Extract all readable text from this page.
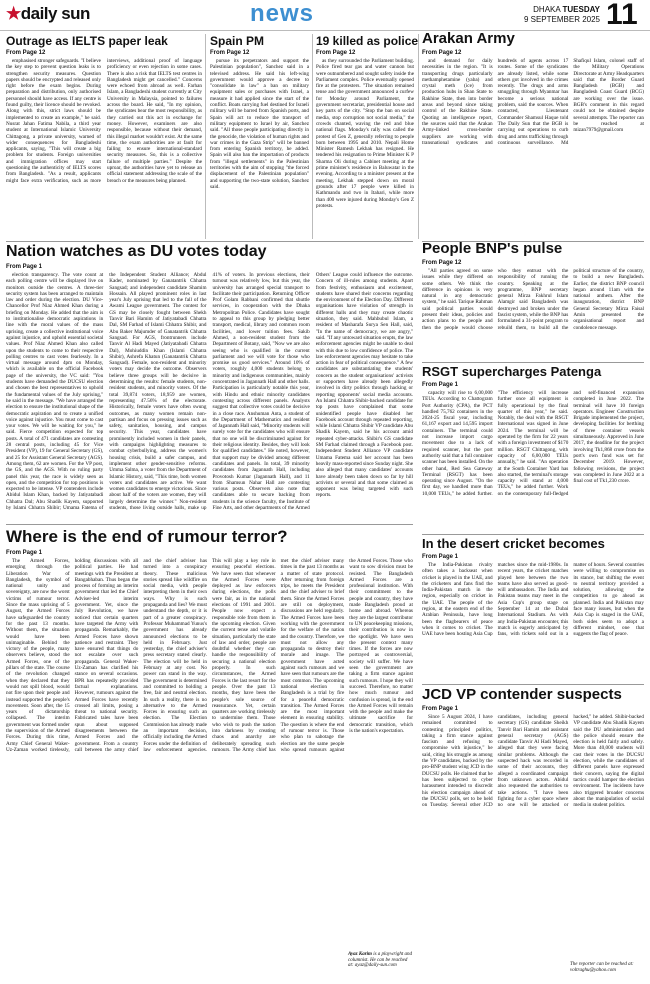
★daily sun	news	DHAKA TUESDAY
9 SEPTEMBER 2025 11
Outrage as IELTS paper leak
From Page 12

emphasised stronger safeguards. "I believe the key step to prevent question leaks is to strengthen security measures. Question papers should be encrypted and released only right before the exam begins. During preparation and distribution, only authorised personnel should have access. If any centre is found guilty, their licence should be revoked. Along with this, strict laws should be implemented to create an example," he said. Nusrat Jahan Fatima Nabila, a third year student at International Islamic University Chittagong, a private university, warned of wider consequences for Bangladeshi applicants, saying, "This will create a big problem for students. Foreign universities and immigration offices may start questioning the authenticity of IELTS scores from Bangladesh. "As a result, applicants might face extra verification, such as more interviews, additional proof of language proficiency or even rejection in some cases. There is also a risk that IELTS test centres in Bangladesh might get cancelled." Concerns were echoed from abroad as well. Farhan Islam, a Bangladeshi student currently at City University in Malaysia, pointed to failures across the board. He said, "In my opinion, the syndicates bear the most responsibility, as they carried out this act in exchange for money. However, examiners are also responsible, because without their demand, this illegal market wouldn't exist. At the same time, the exam authorities are at fault for failing to ensure international-standard security measures. So, this is a collective failure of multiple parties." Despite the uproar, the authorities have yet to release an official statement addressing the scale of the breach or the measures being planned.

Spain PM
From Page 12

pursue its perpetrators and support the Palestinian population", Sanchez said in a televised address. He said his left-wing government would approve a decree to "consolidate in law" a ban on military equipment sales or purchases with Israel, a measure it had applied since the start of the conflict. Boats carrying fuel destined for Israeli military will be barred from Spanish ports, and Spain will act to reduce the transport of military equipment to Israel by air, Sanchez said. "All those people participating directly in the genocide, the violation of human rights and war crimes in the Gaza Strip" will be banned from entering Spanish territory, he added. Spain will also ban the importation of products from "illegal settlements" in the Palestinian territories with the aim of stopping "the forced displacement of the Palestinian population" and supporting the two-state solution, Sanchez said.

19 killed as police
From Page 12

as they surrounded the Parliament building. Police fired tear gas and water cannon but were outnumbered and sought safety inside the Parliament complex. Police eventually opened fire at the protesters. "The situation remained tense and the government announced a curfew for Monday around Parliament, the government secretariat, presidential house and key parts of the city. "Stop the ban on social media, stop corruption not social media," the crowds chanted, waving the red and blue national flags. Monday's rally was called the protest of Gen Z, generally referring to people born between 1995 and 2010. Nepali Home Minister Ramesh Lekhak has resigned. He tendered his resignation to Prime Minister K P Sharma Oli during a Cabinet meeting at the prime minister's residence in Baluwatar in the evening. According to a minister present at the meeting, Lekhak stepped down on moral grounds after 17 people were killed in Kathmandu and two in Itahari, while more than 400 were injured during Monday's Gen Z protests.

Arakan Army
From Page 12

and demand for daily necessities in the region. "It is transporting drugs particularly methamphetamine (yaba) and crystal meth (ice) from production hubs in Shan State to Rakhine State, then into border areas and beyond since taking control of the Rakhine State. Quoting an intelligence report, the sources said that the Arakan Army-linked cross-border suppliers are working with transnational syndicates and hundreds of agents across 17 routes. Some of the syndicates are already listed, while some others got involved in the crimes recently. The drugs and arms smuggling through Myanmar has become a serious national problem, said the sources. When contacted, Lieutenant Commander Shamsul Haque told The Daily Sun that the BGB is carrying out operations to curb drug and arms trafficking through continuous surveillance. Md Shafiqul Islam, colonel staff of the Military Operations Directorate at Army Headquarters said that the Border Guard Bangladesh (BGB) and Bangladesh Coast Guard (BCG) are working over the issue. BGB's comment in this regard could not be obtained despite several attempts. The reporter can be reached at mizan7979@gmail.com

Nation watches as DU votes today
From Page 1

election transparency. The vote count at each polling centre will be displayed live on monitors outside the centres. A three-tier security system has been arranged to maintain law and order during the election. DU Vice-Chancellor Prof Niaz Ahmed Khan during a briefing on Monday. He added that the aim is to institutionalise democratic aspirations in line with the moral values of the mass uprising, create a collective institutional voice against injustice, and uphold essential societal values. Prof Niaz Ahmed Khan also called upon the students to come to their respective polling centres to cast votes fearlessly. In a virtual message around 4pm on Monday, which is available on the official Facebook page of the university, the VC said: "You students have demanded the DUCSU election and chosen the best representatives to uphold the fundamental values of the July uprising," he said in the message. "We have arranged the election to ensure the institutional shape of the democratic aspiration and to create a unified voice against injustice. You must come to cast your votes. We will be waiting for you," he said. Fierce competition expected for top posts. A total of 471 candidates are contesting 28 central posts, including 45 for Vice President (VP), 19 for General Secretary (GS), and 25 for Assistant General Secretary (AGS). Among them, 62 are women. For the VP post, the GS, and the AGS. With no ruling party panel this year, the race is widely seen as open, and the competition for top positions is expected to be intense. VP contenders include Abidul Islam Khan, backed by Jatiyatabadi Chhatra Dal; Abu Shadik Kayem, supported by Islami Chhatra Shibir; Umama Fatema of the Independent Student Alliance; Abdul Kader, nominated by Ganatantrik Chhatra Sangsad; and independent candidate Shamim Hossain. All played prominent roles in last year's July uprising that led to the fall of the Awami League government. The contest for GS may be closely fought between Shekh Tanvir Bari Hamim of Jatiyatabadi Chhatra Dal, SM Farhad of Islami Chhatra Shibir, and Abu Baker Majumder of Ganatantrik Chhatra Sangsad. For AGS, frontrunners include Tanvir Al Hadi Mayed (Jatiyatabadi Chhatra Dal), Mohiuddin Khan (Islami Chhatra Shibir), Ashrefa Khatun (Ganatantrik Chhatra Sangsad). Female, non-resident and minority voters may decide the outcome. Observers believe three groups will be decisive in determining the results: female students, non-resident students, and minority voters. Of the total 39,874 voters, 18,959 are women, representing 47.56% of the electorate. Historically, female voters have often swung outcomes, as many women remain non-partisan and focus on pressing issues such as safety, sanitation, housing, and campus security. This year, candidates have prominently included women in their panels, with campaigns highlighting measures to combat cyberbullying, address the women's housing crisis, build a safer campus, and implement other gender-sensitive reforms. Umma Salma, a voter from the Department of Islamic History, said, "This time, both women voters and candidates are active. We want women candidates to emerge victorious. Since about half of the voters are women, they will largely determine the winner." Non-resident students, those living outside halls, make up 41% of voters. In previous elections, their turnout was relatively low, but this year, the university has arranged special transport to facilitate their participation. Returning Officer Prof Golam Rabbani confirmed that shuttle services, in cooperation with the Dhaka Metropolitan Police. Candidates have sought to appeal to this group by pledging better transport, medical, library and common room facilities, and lower tuition fees. Sakib Ahmed, a non-resident student from the Department of Botany, said, "Now we are also seeing who is qualified in the current parliament and we will vote for those who promise us good services." Around 10% of voters, roughly 4,000 students belong to minority and indigenous communities, mainly concentrated in Jagannath Hall and other halls. Participation is particularly notable this year, with Hindu and ethnic minority candidates contesting across different panels. Analysts suggest that collective votes could be decisive in a close race. Anshuman Anta, a student of the Department of Mathematics and resident of Jagannath Hall said, "Minority students will surely vote for the candidates who will ensure that no one will be discriminated against for their religious identity. Besides, they will look for qualified candidates." He noted, however, that support may be divided among different candidates and panels. In total, 39 minority candidates from Jagannath Hall, including Provotosh Kumar (Jagannath Hall), and 11 from Shamsun Nahar Hall are contesting various posts. Observers also note that candidates able to secure backing from students in the science faculty, the Institute of Fine Arts, and other departments of the Armed Others' League could influence the outcome. Concern of ill-rules among students. Apart from festivity, enthusiasm and excitement, students have shared their concerns regarding the environment of the Election Day. Different organisations have violation of strength in different halls and they may create chaotic situation, they said. Mahbubul Islam, a resident of Masharafa Surya Sen Hall, said, "In the name of democracy, we are angry," said. "If any untoward situation erupts, the law enforcement agencies might be unable to deal with this due to low confidence of police. The law enforcement agencies may hesitate to take action in fear of political consequence." A few candidates are substantiating the students' concern as the student organisations' activists or supporters have already been allegedly involved in dirty politics through hacking or reporting opponents' social media accounts. An Islami Chhatra Shibir-backed candidate for top posts have complained that some unidentified people have disabled her Facebook account through repeated reporting, while Islami Chhatra Shibir VP candidate Abu Shadik Kayem, said he his account amid repeated cyber-attacks. Shibir's GS candidate SM Farhad claimed through a Facebook post. Independent Student Alliance VP candidate Umama Fatema said her account has been heavily mass-reported since Sunday night. She also alleged that many candidates' accounts have already been taken down so far by hill activists or several and that some claimed as opponent was being targeted with such reports.

People BNP's pulse
From Page 12

"All parties agreed on some issues while they differed on some others. We think the difference in opinions is very natural in any democratic system," he said. Tarique Rahman said political parties would present their ideas, policies and action plans to the people and then the people would choose who they entrust with the responsibility of running the country. Speaking at the programme, BNP secretary general Mirza Fakhrul Islam Alamgir said Bangladesh was destroyed and broken under the fascist system, while the BNP has formulated a 31-point program to rebuild them, to build all the political structure of the country, to build a new Bangladesh. Earlier, the district BNP council began around 11am with the national anthem. After the inauguration, district BNP General Secretary Mirza Faisal Amin presented the organisational report and condolence message.

RSGT supercharges Patenga
From Page 1

capacity will rise to 6,00,000 TEUs. According to Chattogram Port Authority (CPA), the PCT handled 75,762 containers in the 2024-25 fiscal year, including 61,167 export and 14,595 import containers. The terminal could not increase import cargo movement due to a lack of required scanner, but the port authority said that a full container scanner has been installed. On the other hand, Red Sea Gateway Terminal (RSGT) has been operating since August. "On the first day, we handled more than 10,000 TEUs," he added further. "The efficiency will increase further once all equipment is fully operational by the final quarter of this year," he said. Notably, the deal with the RSGT International was signed in June 2024. The terminal will be operated by the firm for 22 years with a foreign investment of $170 million. RSGT Chittagong, with capacity of 6,00,000 TEUs annually," he said. "An operation at the South Container Yard has also started, the terminal's storage capacity will stand at 4,000 TEUs," he added further. Work on the contemporary full-fledged and self-financed expansion completed in June 2022. The terminal will have 10 foreign operators. Engineer Construction Brigade implemented the project, developing facilities for berthing of three container vessels simultaneously. Approved in June 2017, the deadline for the project involving Tk1,868 crore from the port's own fund was set for December 2019. However, following revisions, the project was completed in June 2022 at a final cost of Tk1,230 crore.

Where is the end of rumour terror?
From Page 1

The Armed Forces, emerging through the Liberation War of Bangladesh, the symbol of national unity and sovereignty, are now the worst victims of rumour terror. Since the mass uprising of 5 August, the Armed Forces have safeguarded the country for the past 13 months. Without them, the situation would have been unimaginable. Behind the victory of the people, many observers believe, stood the Armed Forces, one of the pillars of the state. The course of the revolution changed when they declared that they would not spill blood, would not fire upon their people and instead supported the people's movement. Soon after, the 15 years of dictatorship collapsed. The interim government was formed under the supervision of the Armed Forces. During this time, Army Chief General Waker-Uz-Zaman worked tirelessly, holding discussions with all political parties. He had meetings with the President at Bangabhaban. Thus began the process of forming an interim government that led the Chief Adviser-led interim government. Yet, since the July Revolution, we have noticed that certain quarters have targeted the Army with propaganda. Remarkably, the Armed Forces have shown patience and restraint. They have ensured that things do not escalate over such propaganda. General Waker-Uz-Zaman has clarified his stance on several occasions. BPR has repeatedly provided factual explanations. However, rumours against the Armed Forces have recently crossed all limits, posing a threat to national security. Fabricated tales have been spun about supposed disagreements between the Armed Forces and the government. From a country call between the army chief and the chief adviser has turned into a conspiracy theory. These malicious stories spread like wildfire on social media, with people interpreting them in their own ways. Why is such propaganda and lies? We must understand the depth, or it is part of a greater conspiracy. Professor Muhammad Yunus's government has already announced elections to be held in February. Just yesterday, the chief adviser's press secretary stated clearly. The election will be held in February at any cost. No power can stand in the way. The government is determined and committed to holding a free, fair and neutral election. In such a reality, there is no alternative to the Armed Forces in ensuring such an election. The Election Commission has already made an important decision, officially including the Armed Forces under the definition of law enforcement agencies. This will play a key role in ensuring peaceful elections. We have seen that whenever the Armed Forces were deployed as law enforcers during elections, the polls were fair, as in the national elections of 1991 and 2001. People now expect a responsible role from them in the upcoming election. Given the current tense and volatile situation, particularly the state of law and order, people are doubtful whether they can handle the responsibility of securing a national election properly. In such circumstances, the Armed Forces is the last resort for the people. Over the past 13 months, they have been the people's sole source of reassurance. Yet, certain quarters are working tirelessly to undermine them. Those who wish to push the nation into darkness by creating chaos and anarchy are deliberately spreading such rumours. The Army chief has met the chief adviser many times in the past 13 months as a matter of state protocol. After returning from foreign trips, he meets the President and the chief adviser to brief them. Since the Armed Forces are still on deployment, discussions are held regularly. The Armed Forces have been working with the government for the welfare of the nation and the country. Therefore, we must not allow any propaganda to destroy their morale and image. The government have acted against such rumours and we have seen that rumours are the most common. The upcoming national election in Bangladesh is a trial by fire for a peaceful democratic transition. The Armed Forces are the most important element in ensuring stability. The question is where the end of rumour terror is. Those who plan to sabotage the election are the same people who spread rumours against the Armed Forces. Those who want to sow division must be resisted. The Bangladesh Armed Forces are a professional institution. With their commitment to the people and country, they have made Bangladesh proud at home and abroad. Whereas they are the largest contributor to UN peacekeeping missions, their contribution is now in the spotlight. We have seen the present context many times. If the forces are now portrayed as controversial, society will suffer. We have seen the government are taking a firm stance against such rumours. I hope they will succeed. Therefore, no matter how much rumour and confusion is spread, in the end the Armed Forces will remain with the people and make the ultimate sacrifice for democratic transition, which is the nation's expectation.

Ayaz Karim is a playwright and columnist. He can be reached at: ayaz@daily-sun.com
In the desert cricket becomes
From Page 1

The India-Pakistan rivalry often takes a backseat when cricket is played in the UAE, and the cricketers and fans find the India-Pakistan match in the region, especially on cricket in the UAE. The people of the region, at the eastern end of the Arabian Peninsula, have long been the flagbearers of peace when it comes to cricket. The UAE have been hosting Asia Cup matches since the mid-1980s. In recent years, the cricket matches played here between the two teams have also served as good-will ambassadors. The India and Pakistan teams may meet in the Asia Cup's group stage on September 14 at the Dubai International Stadium. As with any India-Pakistan encounter, this match is eagerly anticipated by fans, with tickets sold out in a matter of hours. Several countries were willing to compromise on its stance, but shifting the event to neutral territory provided a solution, allowing the competition to go ahead as planned. India and Pakistan may face many issues, but when the Asia Cup is staged in the UAE, both sides seem to adopt a different mindset, one that suggests the flag of peace.

JCD VP contender suspects
From Page 1

Since 5 August 2024, I have remained committed to contesting principled politics, taking a firm stance against fascism and refusing to compromise with injustice," he said, citing his struggle as among the VP candidates, backed by the pro-BNP student wing JCD in the DUCSU polls. He claimed that he has been subjected to cyber harassment intended to discredit his election campaign ahead of the DUCSU polls, set to be held on Tuesday. Several other JCD candidates, including general secretary (GS) candidate Sheikh Tanvir Bari Hamim and assistant general secretary (AGS) candidate Tanvir Al Hadi Mayed, alleged that they were facing similar problems. Although the suspected hack was recorded in some of their accounts, they alleged a coordinated campaign from unknown actors. Abidul also requested the authorities to take actions. "I have been fighting for a cyber space where no one will be attacked or hacked," he added. Shibir-backed VP candidate Abu Shadik Kayem said the DU administration and the police should ensure the election is held fairly and safely. More than 40,000 students will cast their votes in the DUCSU election, while the candidates of different panels have expressed their concern, saying the digital tactics could hamper the election environment. The incidents have also triggered broader concerns about the manipulation of social media in student politics.

The reporter can be reached at: voltraghu@yahoo.com
